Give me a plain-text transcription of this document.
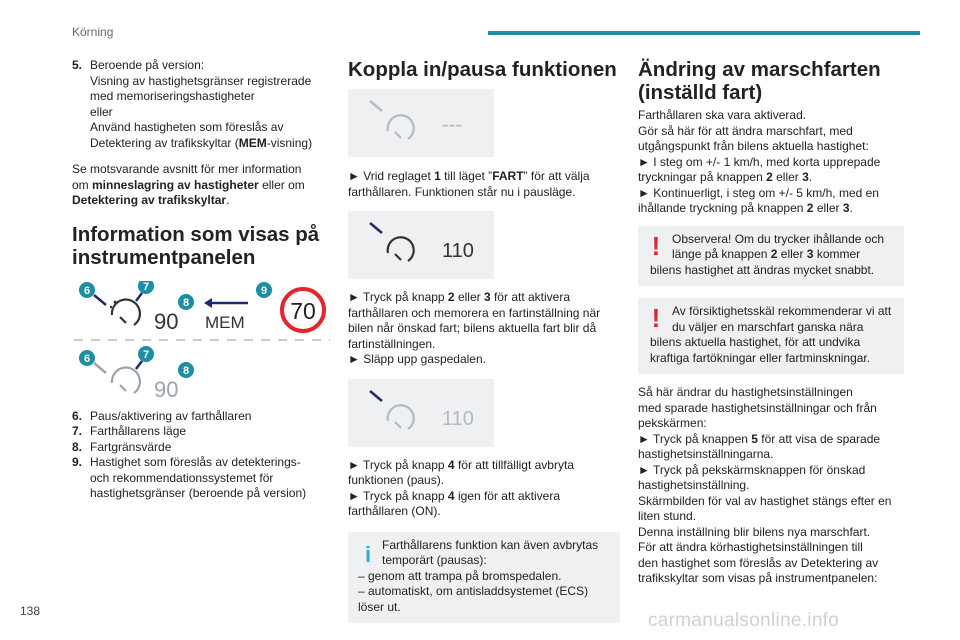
Körning
138	carmanualsonline.info
5. Beroende på version:
Visning av hastighetsgränser registrerade
med memoriseringshastigheter
eller
Använd hastigheten som föreslås av
Detektering av trafikskyltar (MEM-visning)

Se motsvarande avsnitt för mer information
om minneslagring av hastigheter eller om
Detektering av trafikskyltar.

Information som visas på
instrumentpanelen
6	7
8
90 MEM
9
70
6	7
8
90
6. Paus/aktivering av farthållaren
7. Farthållarens läge
8. Fartgränsvärde
9. Hastighet som föreslås av detekterings-
och rekommendationssystemet för
hastighetsgränser (beroende på version)
Koppla in/pausa funktionen
---

► Vrid reglaget 1 till läget ”FART” för att välja
farthållaren. Funktionen står nu i pausläge.

110

► Tryck på knapp 2 eller 3 för att aktivera
farthållaren och memorera en fartinställning när
bilen når önskad fart; bilens aktuella fart blir då
fartinställningen.
► Släpp upp gaspedalen.

110

► Tryck på knapp 4 för att tillfälligt avbryta
funktionen (paus).
► Tryck på knapp 4 igen för att aktivera
farthållaren (ON).

i Farthållarens funktion kan även avbrytas
temporärt (pausas):
– genom att trampa på bromspedalen.
– automatiskt, om antisladdsystemet (ECS)
löser ut.
Ändring av marschfarten
(inställd fart)

Farthållaren ska vara aktiverad.
Gör så här för att ändra marschfart, med
utgångspunkt från bilens aktuella hastighet:
► I steg om +/- 1 km/h, med korta upprepade
tryckningar på knappen 2 eller 3.
► Kontinuerligt, i steg om +/- 5 km/h, med en
ihållande tryckning på knappen 2 eller 3.

! Observera! Om du trycker ihållande och
länge på knappen 2 eller 3 kommer
bilens hastighet att ändras mycket snabbt.
! Av försiktighetsskäl rekommenderar vi att
du väljer en marschfart ganska nära
bilens aktuella hastighet, för att undvika
kraftiga fartökningar eller fartminskningar.

Så här ändrar du hastighetsinställningen
med sparade hastighetsinställningar och från
pekskärmen:
► Tryck på knappen 5 för att visa de sparade
hastighetsinställningarna.
► Tryck på pekskärmsknappen för önskad
hastighetsinställning.
Skärmbilden för val av hastighet stängs efter en
liten stund.
Denna inställning blir bilens nya marschfart.
För att ändra körhastighetsinställningen till
den hastighet som föreslås av Detektering av
trafikskyltar som visas på instrumentpanelen:
